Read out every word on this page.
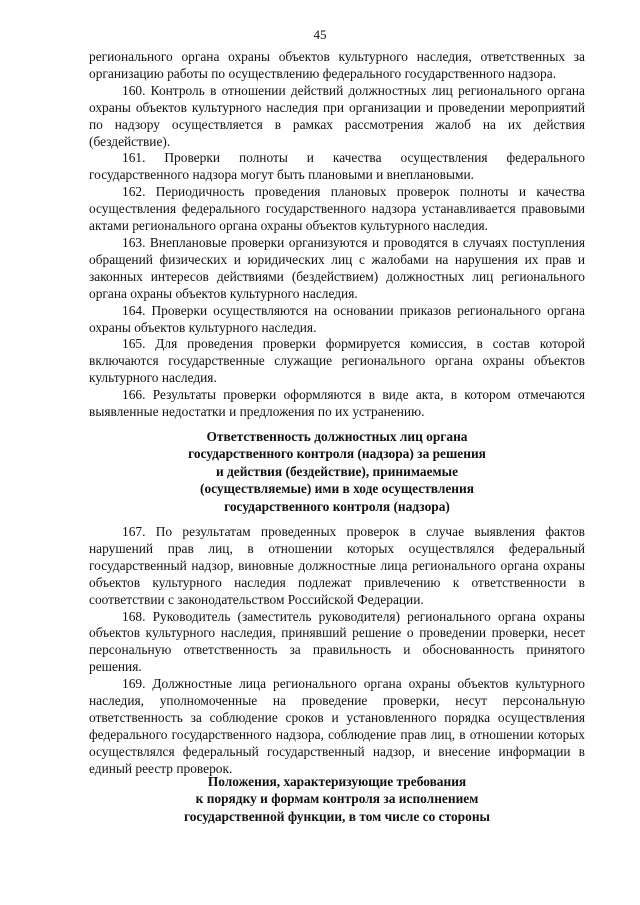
45

регионального органа охраны объектов культурного наследия, ответственных за организацию работы по осуществлению федерального государственного надзора.

160. Контроль в отношении действий должностных лиц регионального органа охраны объектов культурного наследия при организации и проведении мероприятий по надзору осуществляется в рамках рассмотрения жалоб на их действия (бездействие).

161. Проверки полноты и качества осуществления федерального государственного надзора могут быть плановыми и внеплановыми.

162. Периодичность проведения плановых проверок полноты и качества осуществления федерального государственного надзора устанавливается правовыми актами регионального органа охраны объектов культурного наследия.

163. Внеплановые проверки организуются и проводятся в случаях поступления обращений физических и юридических лиц с жалобами на нарушения их прав и законных интересов действиями (бездействием) должностных лиц регионального органа охраны объектов культурного наследия.

164. Проверки осуществляются на основании приказов регионального органа охраны объектов культурного наследия.

165. Для проведения проверки формируется комиссия, в состав которой включаются государственные служащие регионального органа охраны объектов культурного наследия.

166. Результаты проверки оформляются в виде акта, в котором отмечаются выявленные недостатки и предложения по их устранению.

Ответственность должностных лиц органа
государственного контроля (надзора) за решения
и действия (бездействие), принимаемые
(осуществляемые) ими в ходе осуществления
государственного контроля (надзора)

167. По результатам проведенных проверок в случае выявления фактов нарушений прав лиц, в отношении которых осуществлялся федеральный государственный надзор, виновные должностные лица регионального органа охраны объектов культурного наследия подлежат привлечению к ответственности в соответствии с законодательством Российской Федерации.

168. Руководитель (заместитель руководителя) регионального органа охраны объектов культурного наследия, принявший решение о проведении проверки, несет персональную ответственность за правильность и обоснованность принятого решения.

169. Должностные лица регионального органа охраны объектов культурного наследия, уполномоченные на проведение проверки, несут персональную ответственность за соблюдение сроков и установленного порядка осуществления федерального государственного надзора, соблюдение прав лиц, в отношении которых осуществлялся федеральный государственный надзор, и внесение информации в единый реестр проверок.

Положения, характеризующие требования
к порядку и формам контроля за исполнением
государственной функции, в том числе со стороны
